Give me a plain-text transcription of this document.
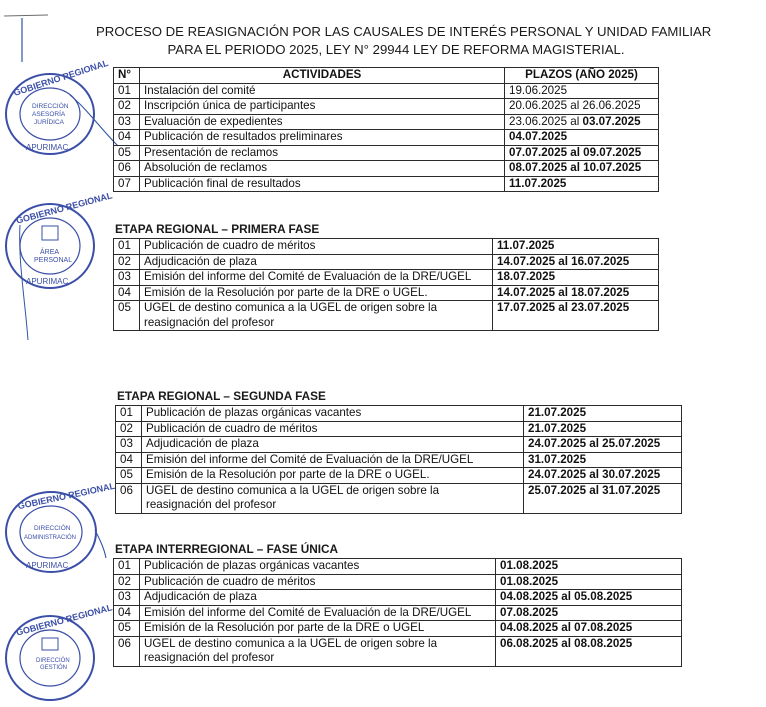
GOBIERNO REGIONAL
DIRECCIÓN
ASESORÍA
JURÍDICA
APURIMAC
GOBIERNO REGIONAL
ÁREA
PERSONAL
APURIMAC
GOBIERNO REGIONAL
DIRECCIÓN
ADMINISTRACIÓN
APURIMAC
GOBIERNO REGIONAL
DIRECCIÓN
GESTIÓN
PROCESO DE REASIGNACIÓN POR LAS CAUSALES DE INTERÉS PERSONAL Y UNIDAD FAMILIAR
PARA EL PERIODO 2025, LEY N° 29944 LEY DE REFORMA MAGISTERIAL.
N°	ACTIVIDADES	PLAZOS (AÑO 2025)
01	Instalación del comité	19.06.2025
02	Inscripción única de participantes	20.06.2025 al 26.06.2025
03	Evaluación de expedientes	23.06.2025 al 03.07.2025
04	Publicación de resultados preliminares	04.07.2025
05	Presentación de reclamos	07.07.2025 al 09.07.2025
06	Absolución de reclamos	08.07.2025 al 10.07.2025
07	Publicación final de resultados	11.07.2025
ETAPA REGIONAL – PRIMERA FASE
01	Publicación de cuadro de méritos	11.07.2025
02	Adjudicación de plaza	14.07.2025 al 16.07.2025
03	Emisión del informe del Comité de Evaluación de la DRE/UGEL	18.07.2025
04	Emisión de la Resolución por parte de la DRE o UGEL.	14.07.2025 al 18.07.2025
05	UGEL de destino comunica a la UGEL de origen sobre la reasignación del profesor	17.07.2025 al 23.07.2025
ETAPA REGIONAL – SEGUNDA FASE
01	Publicación de plazas orgánicas vacantes	21.07.2025
02	Publicación de cuadro de méritos	21.07.2025
03	Adjudicación de plaza	24.07.2025 al 25.07.2025
04	Emisión del informe del Comité de Evaluación de la DRE/UGEL	31.07.2025
05	Emisión de la Resolución por parte de la DRE o UGEL.	24.07.2025 al 30.07.2025
06	UGEL de destino comunica a la UGEL de origen sobre la reasignación del profesor	25.07.2025 al 31.07.2025
ETAPA INTERREGIONAL – FASE ÚNICA
01	Publicación de plazas orgánicas vacantes	01.08.2025
02	Publicación de cuadro de méritos	01.08.2025
03	Adjudicación de plaza	04.08.2025 al 05.08.2025
04	Emisión del informe del Comité de Evaluación de la DRE/UGEL	07.08.2025
05	Emisión de la Resolución por parte de la DRE o UGEL	04.08.2025 al 07.08.2025
06	UGEL de destino comunica a la UGEL de origen sobre la reasignación del profesor	06.08.2025 al 08.08.2025
